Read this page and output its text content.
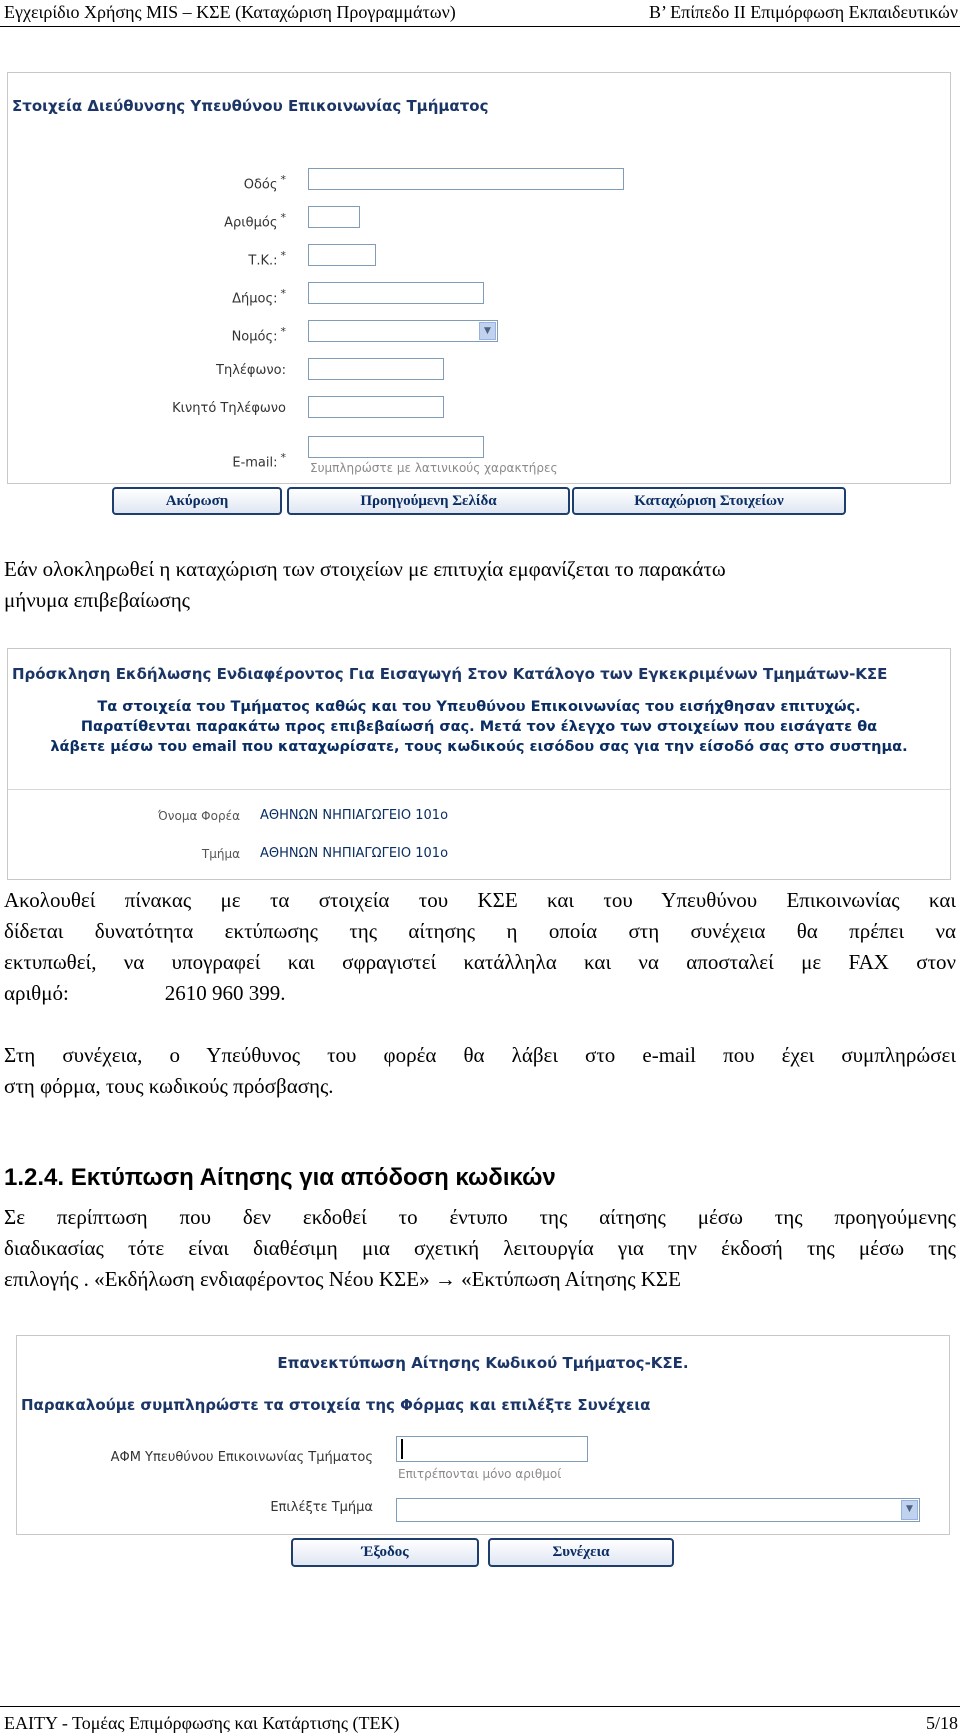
Εγχειρίδιο Χρήσης MIS – ΚΣΕ (Καταχώριση Προγραμμάτων)	Β’ Επίπεδο ΙΙ Επιμόρφωση Εκπαιδευτικών
Στοιχεία Διεύθυνσης Υπευθύνου Επικοινωνίας Τμήματος
Οδός *
Αριθμός *
Τ.Κ.: *
Δήμος: *
Νομός: *	▼
Τηλέφωνο:
Κινητό Τηλέφωνο
E-mail: *
Συμπληρώστε με λατινικούς χαρακτήρες
Ακύρωση	Προηγούμενη Σελίδα	Καταχώριση Στοιχείων
Εάν ολοκληρωθεί η καταχώριση των στοιχείων με επιτυχία εμφανίζεται το παρακάτω
μήνυμα επιβεβαίωσης
Πρόσκληση Εκδήλωσης Ενδιαφέροντος Για Εισαγωγή Στον Κατάλογο των Εγκεκριμένων Τμημάτων-ΚΣΕ
Τα στοιχεία του Τμήματος καθώς και του Υπευθύνου Επικοινωνίας του εισήχθησαν επιτυχώς.
Παρατίθενται παρακάτω προς επιβεβαίωσή σας. Μετά τον έλεγχο των στοιχείων που εισάγατε θα
λάβετε μέσω του email που καταχωρίσατε, τους κωδικούς εισόδου σας για την είσοδό σας στο συστημα.
Όνομα Φορέα ΑΘΗΝΩΝ ΝΗΠΙΑΓΩΓΕΙΟ 101ο
Τμήμα ΑΘΗΝΩΝ ΝΗΠΙΑΓΩΓΕΙΟ 101ο
Ακολουθεί πίνακας με τα στοιχεία του ΚΣΕ και του Υπευθύνου Επικοινωνίας και
δίδεται δυνατότητα εκτύπωσης της αίτησης η οποία στη συνέχεια θα πρέπει να
εκτυπωθεί, να υπογραφεί και σφραγιστεί κατάλληλα και να αποσταλεί με FAX στον
αριθμό:	2610 960 399.
Στη συνέχεια, ο Υπεύθυνος του φορέα θα λάβει στο e-mail που έχει συμπληρώσει
στη φόρμα, τους κωδικούς πρόσβασης.
1.2.4. Εκτύπωση Αίτησης για απόδοση κωδικών
Σε περίπτωση που δεν εκδοθεί το έντυπο της αίτησης μέσω της προηγούμενης
διαδικασίας τότε είναι διαθέσιμη μια σχετική λειτουργία για την έκδοσή της μέσω της
επιλογής . «Εκδήλωση ενδιαφέροντος Νέου ΚΣΕ» → «Εκτύπωση Αίτησης ΚΣΕ
Επανεκτύπωση Αίτησης Κωδικού Τμήματος-ΚΣΕ.
Παρακαλούμε συμπληρώστε τα στοιχεία της Φόρμας και επιλέξτε Συνέχεια
ΑΦΜ Υπευθύνου Επικοινωνίας Τμήματος
Επιτρέπονται μόνο αριθμοί
Επιλέξτε Τμήμα	▼
Έξοδος	Συνέχεια
ΕΑΙΤΥ - Τομέας Επιμόρφωσης και Κατάρτισης (ΤΕΚ)	5/18
